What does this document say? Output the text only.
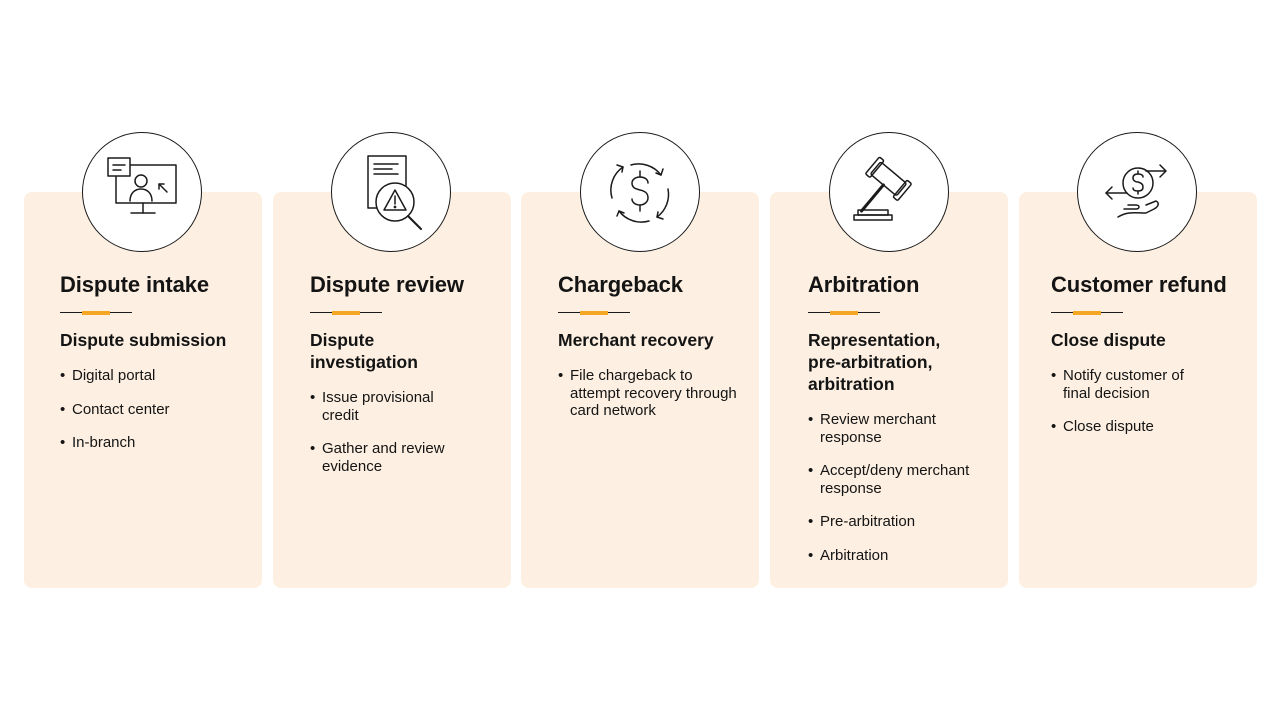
Dispute intake
Dispute submission
• Digital portal
• Contact center
• In-branch
Dispute review
Dispute investigation
• Issue provisional credit
• Gather and review evidence
Chargeback
Merchant recovery
• File chargeback to attempt recovery through card network
Arbitration
Representation, pre-arbitration, arbitration
• Review merchant response
• Accept/deny merchant response
• Pre-arbitration
• Arbitration
Customer refund
Close dispute
• Notify customer of final decision
• Close dispute
